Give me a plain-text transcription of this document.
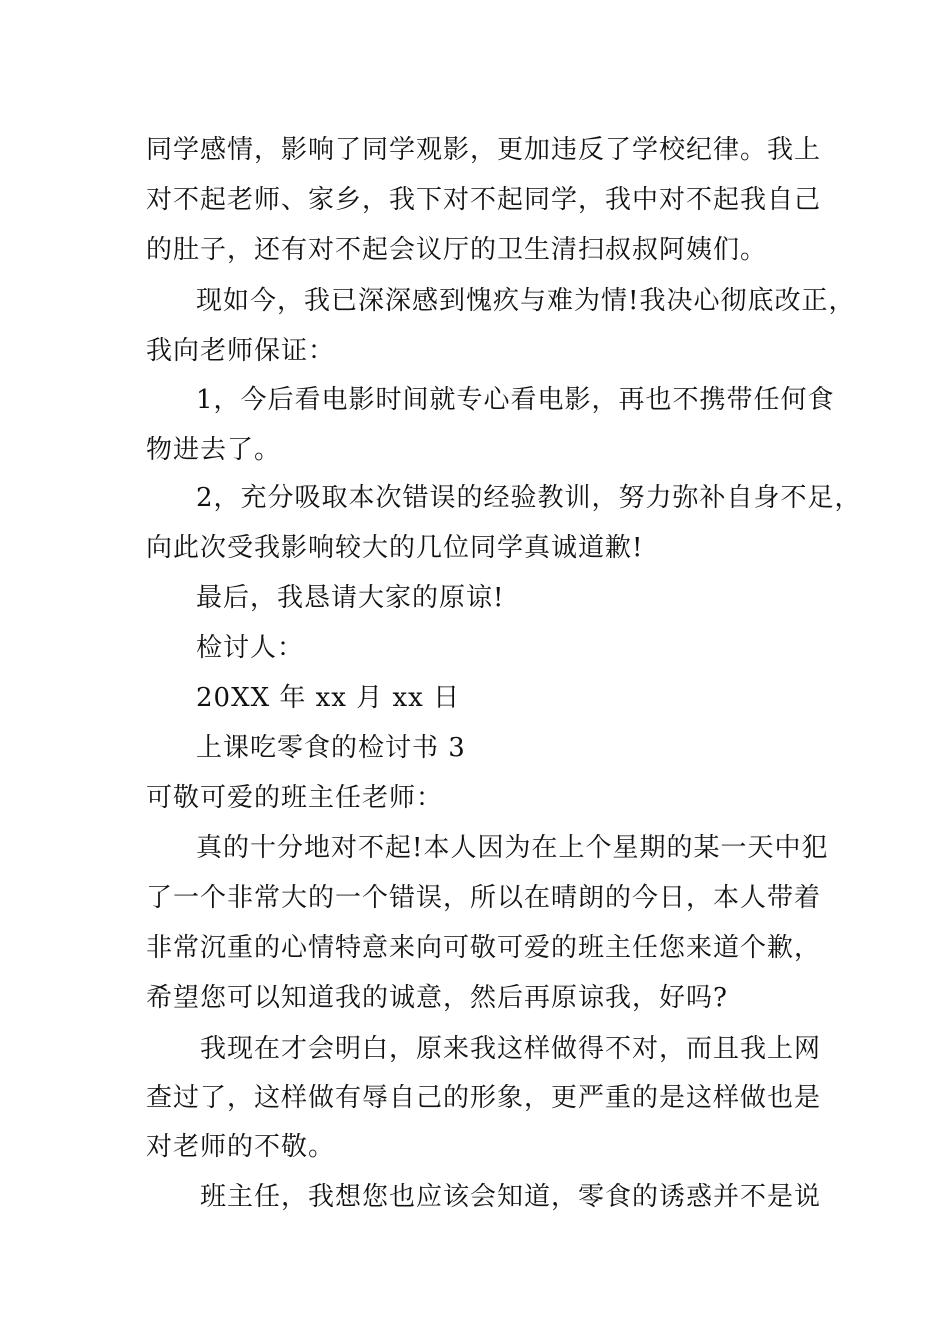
同学感情，影响了同学观影，更加违反了学校纪律。我上
对不起老师、家乡，我下对不起同学，我中对不起我自己
的肚子，还有对不起会议厅的卫生清扫叔叔阿姨们。
现如今，我已深深感到愧疚与难为情!我决心彻底改正，
我向老师保证：
1，今后看电影时间就专心看电影，再也不携带任何食
物进去了。
2，充分吸取本次错误的经验教训，努力弥补自身不足，
向此次受我影响较大的几位同学真诚道歉!
最后，我恳请大家的原谅!
检讨人：
20XX 年 xx 月 xx 日
上课吃零食的检讨书 3
可敬可爱的班主任老师：
真的十分地对不起!本人因为在上个星期的某一天中犯
了一个非常大的一个错误，所以在晴朗的今日，本人带着
非常沉重的心情特意来向可敬可爱的班主任您来道个歉，
希望您可以知道我的诚意，然后再原谅我，好吗?
我现在才会明白，原来我这样做得不对，而且我上网
查过了，这样做有辱自己的形象，更严重的是这样做也是
对老师的不敬。
班主任，我想您也应该会知道，零食的诱惑并不是说
